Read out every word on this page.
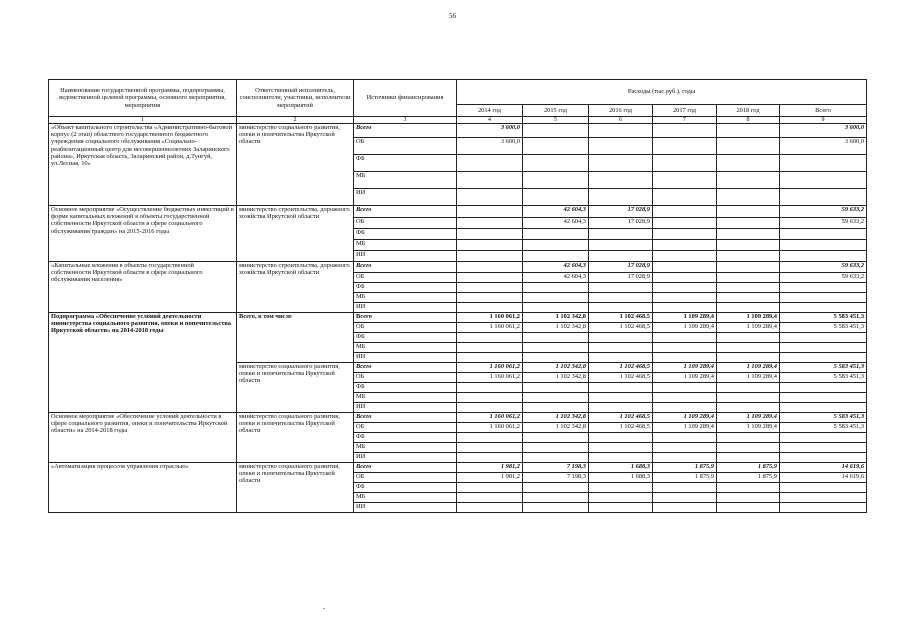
56
Наименование государственной программы, подпрограммы, ведомственной целевой программы, основного мероприятия, мероприятия	Ответственный исполнитель, соисполнители, участники, исполнители мероприятий	Источники финансирования	Расходы (тыс.руб.), годы					
			2014 год	2015 год	2016 год	2017 год	2018 год	Всего
1	2	3	4	5	6	7	8	9
«Объект капитального строительства «Административно-бытовой корпус (2 этап) областного государственного бюджетного учреждения социального обслуживания «Социально-реабилитационный центр для несовершеннолетних Заларинского района», Иркутская область, Заларинский район, д.Тунгуй, ул.Лесная, 10»	министерство социального развития, опеки и попечительства Иркутской области	Всего	3 600,0					3 600,0
		ОБ	3 600,0					3 600,0
		ФБ						
		МБ						
		ИИ						
Основное мероприятие «Осуществление бюджетных инвестиций в форме капитальных вложений в объекты государственной собственности Иркутской области в сфере социального обслуживания граждан» на 2015-2016 годы	министерство строительства, дорожного хозяйства Иркутской области	Всего		42 604,3	17 028,9			59 633,2
		ОБ		42 604,3	17 028,9			59 633,2
		ФБ						
		МБ						
		ИИ						
«Капитальные вложения в объекты государственной собственности Иркутской области в сфере социального обслуживания населения»	министерство строительства, дорожного хозяйства Иркутской области	Всего		42 604,3	17 028,9			59 633,2
		ОБ		42 604,3	17 028,9			59 633,2
		ФБ						
		МБ						
		ИИ						
Подпрограмма «Обеспечение условий деятельности министерства социального развития, опеки и попечительства Иркутской области» на 2014-2018 годы	Всего, в том числе	Всего	1 160 061,2	1 102 342,8	1 102 468,5	1 109 289,4	1 109 289,4	5 583 451,3
		ОБ	1 160 061,2	1 102 342,8	1 102 468,5	1 109 289,4	1 109 289,4	5 583 451,3
		ФБ						
		МБ						
		ИИ						
	министерство социального развития, опеки и попечительства Иркутской области	Всего	1 160 061,2	1 102 342,8	1 102 468,5	1 109 289,4	1 109 289,4	5 583 451,3
		ОБ	1 160 061,2	1 102 342,8	1 102 468,5	1 109 289,4	1 109 289,4	5 583 451,3
		ФБ						
		МБ						
		ИИ						
Основное мероприятие «Обеспечение условий деятельности в сфере социального развития, опеки и попечительства Иркутской области» на 2014-2018 годы	министерство социального развития, опеки и попечительства Иркутской области	Всего	1 160 061,2	1 102 342,8	1 102 468,5	1 109 289,4	1 109 289,4	5 583 451,3
		ОБ	1 160 061,2	1 102 342,8	1 102 468,5	1 109 289,4	1 109 289,4	5 583 451,3
		ФБ						
		МБ						
		ИИ						
«Автоматизация процессов управления отраслью»	министерство социального развития, опеки и попечительства Иркутской области	Всего	1 981,2	7 198,3	1 688,3	1 875,9	1 875,9	14 619,6
		ОБ	1 981,2	7 198,3	1 688,3	1 875,9	1 875,9	14 619,6
		ФБ						
		МБ						
		ИИ						
